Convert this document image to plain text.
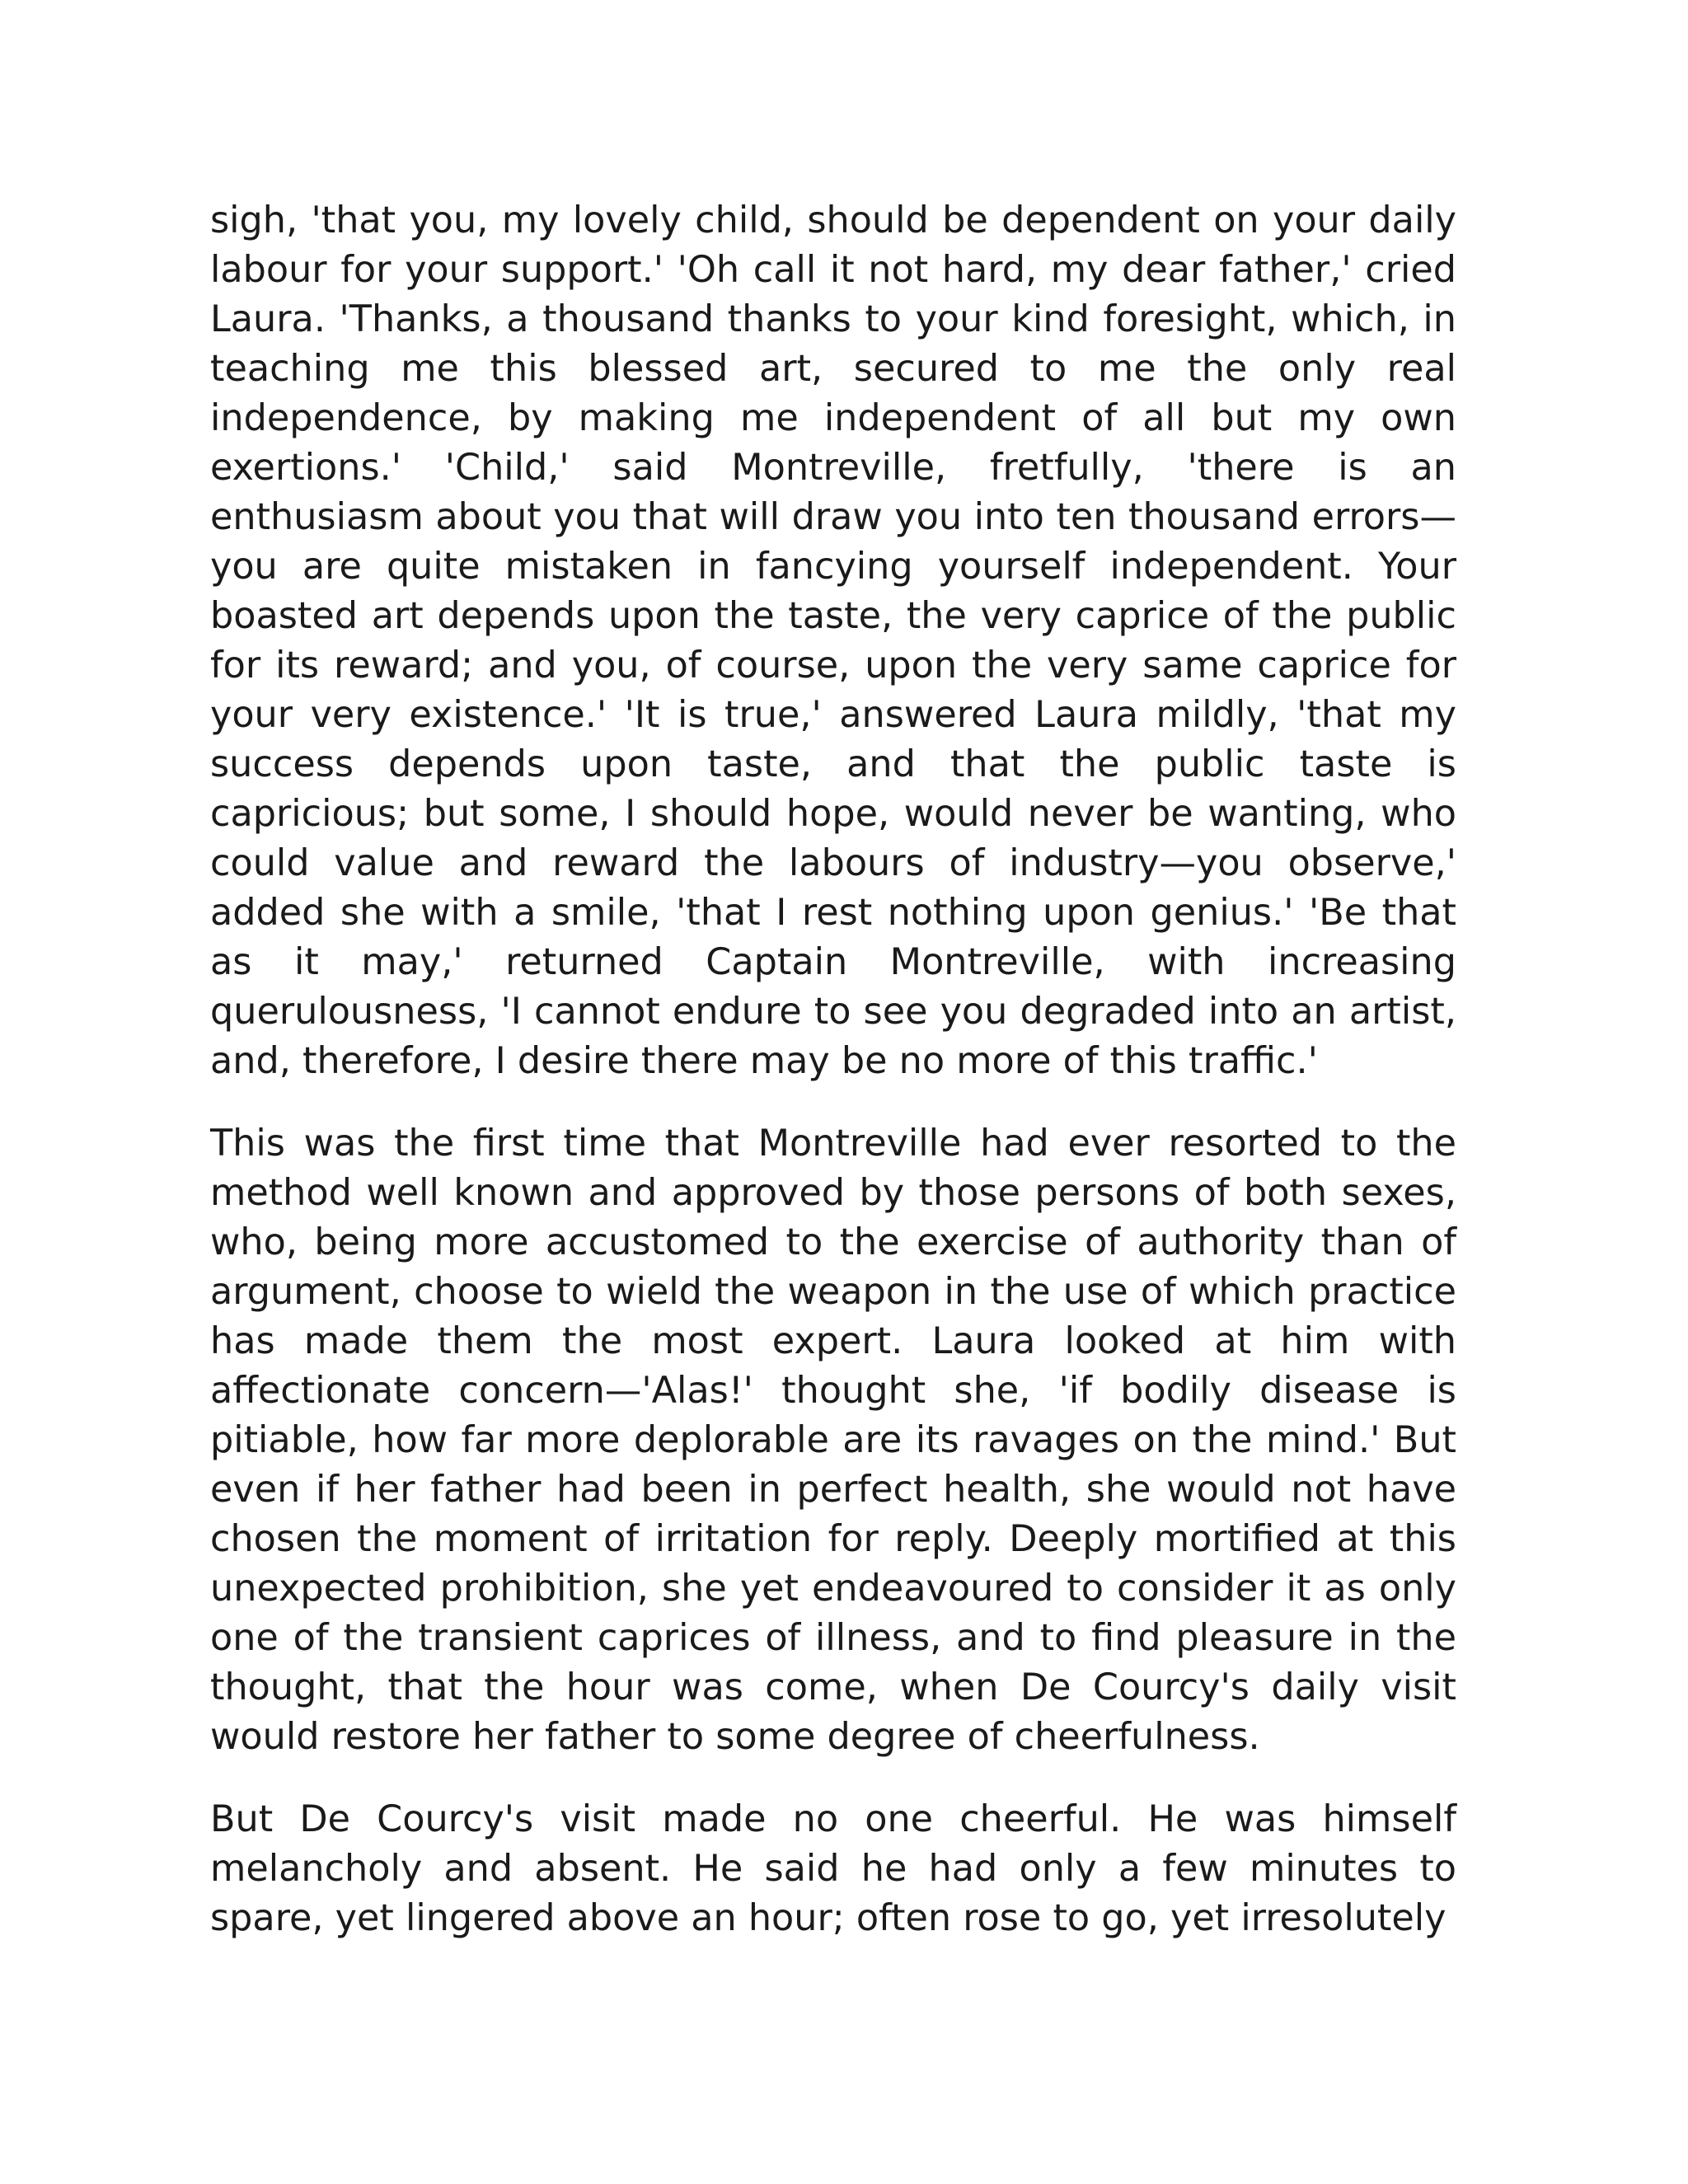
sigh, 'that you, my lovely child, should be dependent on your daily labour for your support.' 'Oh call it not hard, my dear father,' cried Laura. 'Thanks, a thousand thanks to your kind foresight, which, in teaching me this blessed art, secured to me the only real independence, by making me independent of all but my own exertions.' 'Child,' said Montreville, fretfully, 'there is an enthusiasm about you that will draw you into ten thousand errors—you are quite mistaken in fancying yourself independent. Your boasted art depends upon the taste, the very caprice of the public for its reward; and you, of course, upon the very same caprice for your very existence.' 'It is true,' answered Laura mildly, 'that my success depends upon taste, and that the public taste is capricious; but some, I should hope, would never be wanting, who could value and reward the labours of industry—you observe,' added she with a smile, 'that I rest nothing upon genius.' 'Be that as it may,' returned Captain Montreville, with increasing querulousness, 'I cannot endure to see you degraded into an artist, and, therefore, I desire there may be no more of this traffic.'

This was the first time that Montreville had ever resorted to the method well known and approved by those persons of both sexes, who, being more accustomed to the exercise of authority than of argument, choose to wield the weapon in the use of which practice has made them the most expert. Laura looked at him with affectionate concern—'Alas!' thought she, 'if bodily disease is pitiable, how far more deplorable are its ravages on the mind.' But even if her father had been in perfect health, she would not have chosen the moment of irritation for reply. Deeply mortified at this unexpected prohibition, she yet endeavoured to consider it as only one of the transient caprices of illness, and to find pleasure in the thought, that the hour was come, when De Courcy's daily visit would restore her father to some degree of cheerfulness.

But De Courcy's visit made no one cheerful. He was himself melancholy and absent. He said he had only a few minutes to spare, yet lingered above an hour; often rose to go, yet irresolutely
